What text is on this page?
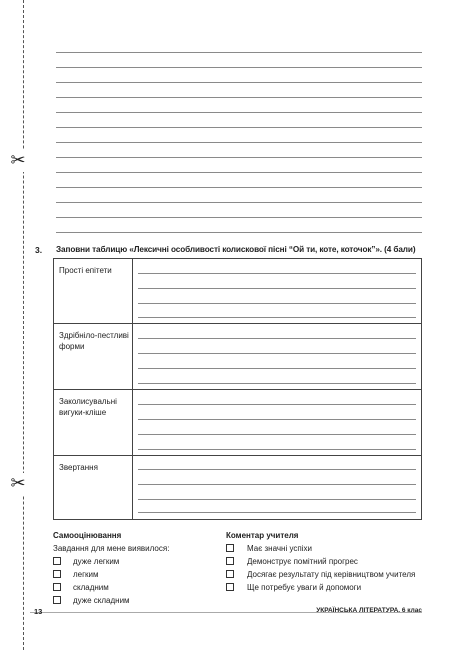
✂
✂
3. Заповни таблицю «Лексичні особливості колискової пісні “Ой ти, коте, коточок”». (4 бали)
Прості епітети
Здрібніло-пестливі форми
Заколисувальні вигуки-кліше
Звертання
Самооцінювання
Завдання для мене виявилося:
дуже легким
легким
складним
дуже складним
Коментар учителя
Має значні успіхи
Демонструє помітний прогрес
Досягає результату під керівництвом учителя
Ще потребує уваги й допомоги
13	УКРАЇНСЬКА ЛІТЕРАТУРА. 6 клас
